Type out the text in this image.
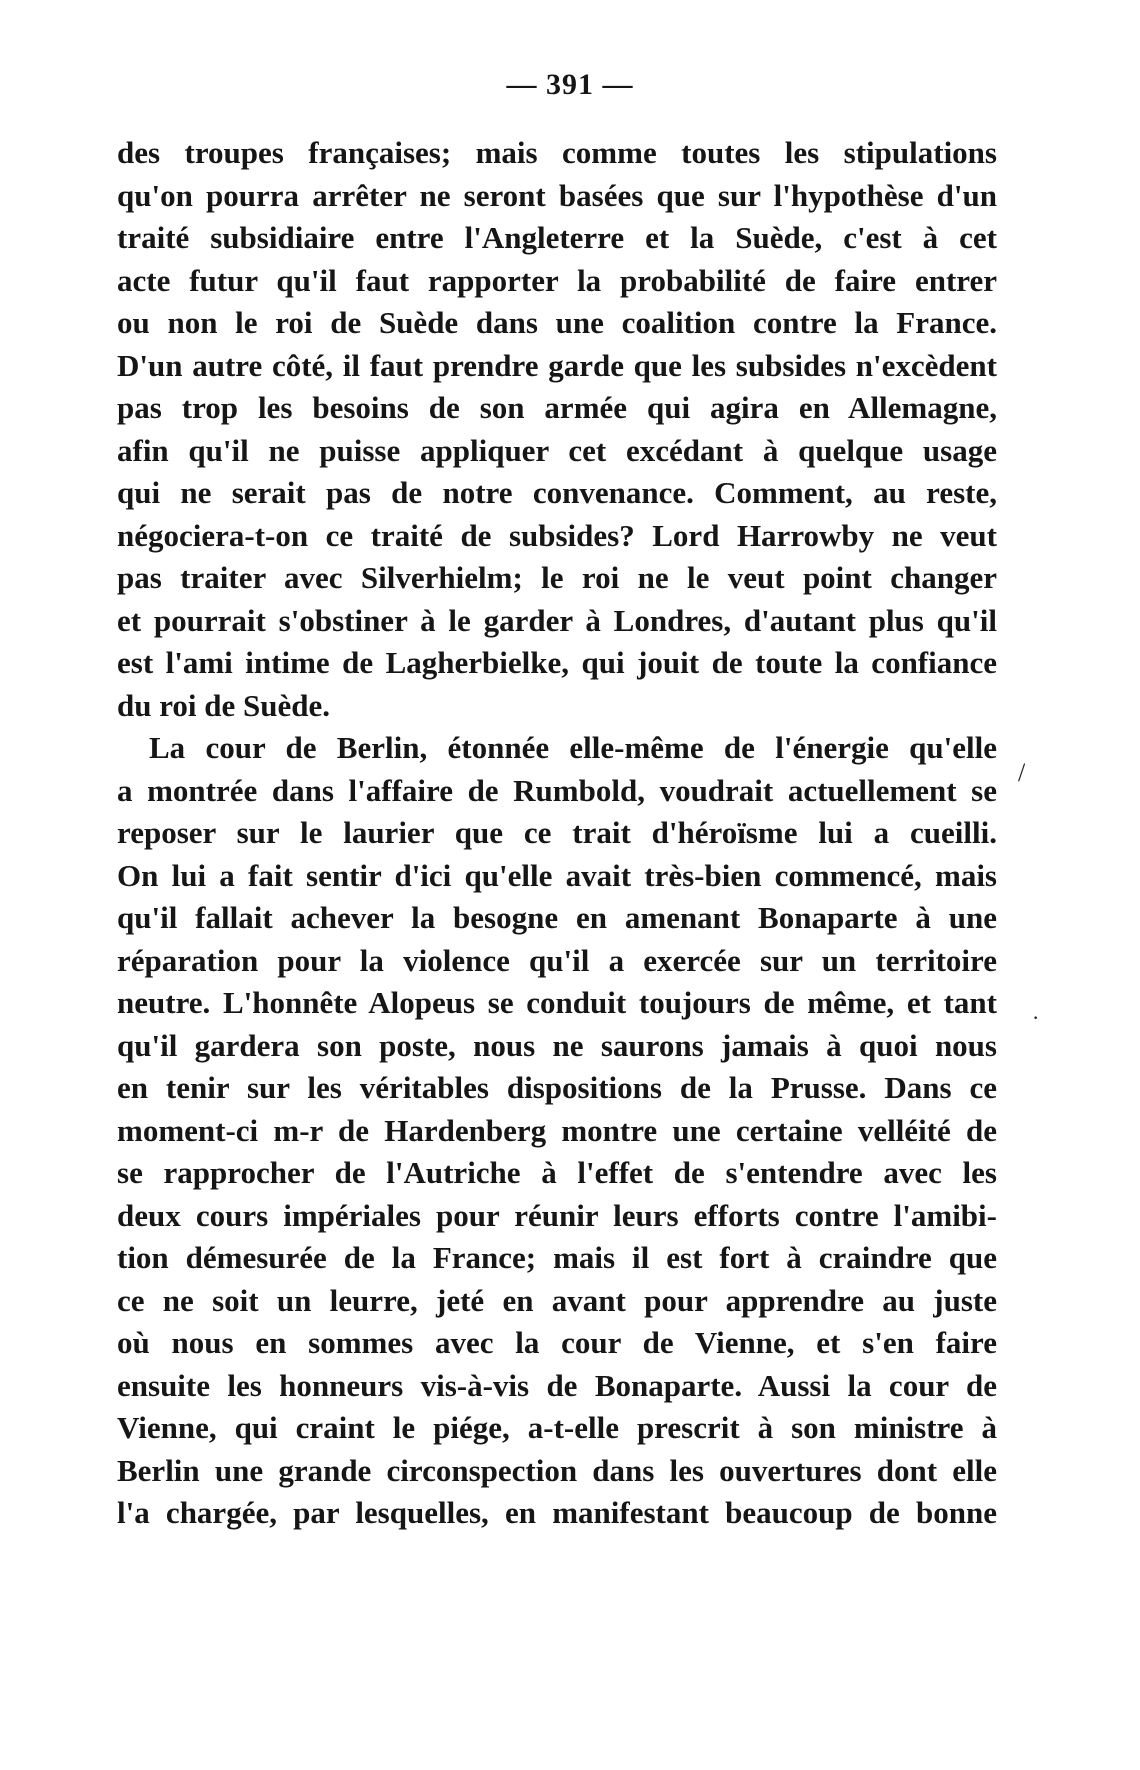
— 391 —
des troupes françaises; mais comme toutes les stipulations
qu'on pourra arrêter ne seront basées que sur l'hypothèse d'un
traité subsidiaire entre l'Angleterre et la Suède, c'est à cet
acte futur qu'il faut rapporter la probabilité de faire entrer
ou non le roi de Suède dans une coalition contre la France.
D'un autre côté, il faut prendre garde que les subsides n'excèdent
pas trop les besoins de son armée qui agira en Allemagne,
afin qu'il ne puisse appliquer cet excédant à quelque usage
qui ne serait pas de notre convenance. Comment, au reste,
négociera-t-on ce traité de subsides? Lord Harrowby ne veut
pas traiter avec Silverhielm; le roi ne le veut point changer
et pourrait s'obstiner à le garder à Londres, d'autant plus qu'il
est l'ami intime de Lagherbielke, qui jouit de toute la confiance
du roi de Suède.
La cour de Berlin, étonnée elle-même de l'énergie qu'elle
a montrée dans l'affaire de Rumbold, voudrait actuellement se
reposer sur le laurier que ce trait d'héroïsme lui a cueilli.
On lui a fait sentir d'ici qu'elle avait très-bien commencé, mais
qu'il fallait achever la besogne en amenant Bonaparte à une
réparation pour la violence qu'il a exercée sur un territoire
neutre. L'honnête Alopeus se conduit toujours de même, et tant
qu'il gardera son poste, nous ne saurons jamais à quoi nous
en tenir sur les véritables dispositions de la Prusse. Dans ce
moment-ci m-r de Hardenberg montre une certaine velléité de
se rapprocher de l'Autriche à l'effet de s'entendre avec les
deux cours impériales pour réunir leurs efforts contre l'amibi-
tion démesurée de la France; mais il est fort à craindre que
ce ne soit un leurre, jeté en avant pour apprendre au juste
où nous en sommes avec la cour de Vienne, et s'en faire
ensuite les honneurs vis-à-vis de Bonaparte. Aussi la cour de
Vienne, qui craint le piége, a-t-elle prescrit à son ministre à
Berlin une grande circonspection dans les ouvertures dont elle
l'a chargée, par lesquelles, en manifestant beaucoup de bonne
/
·
